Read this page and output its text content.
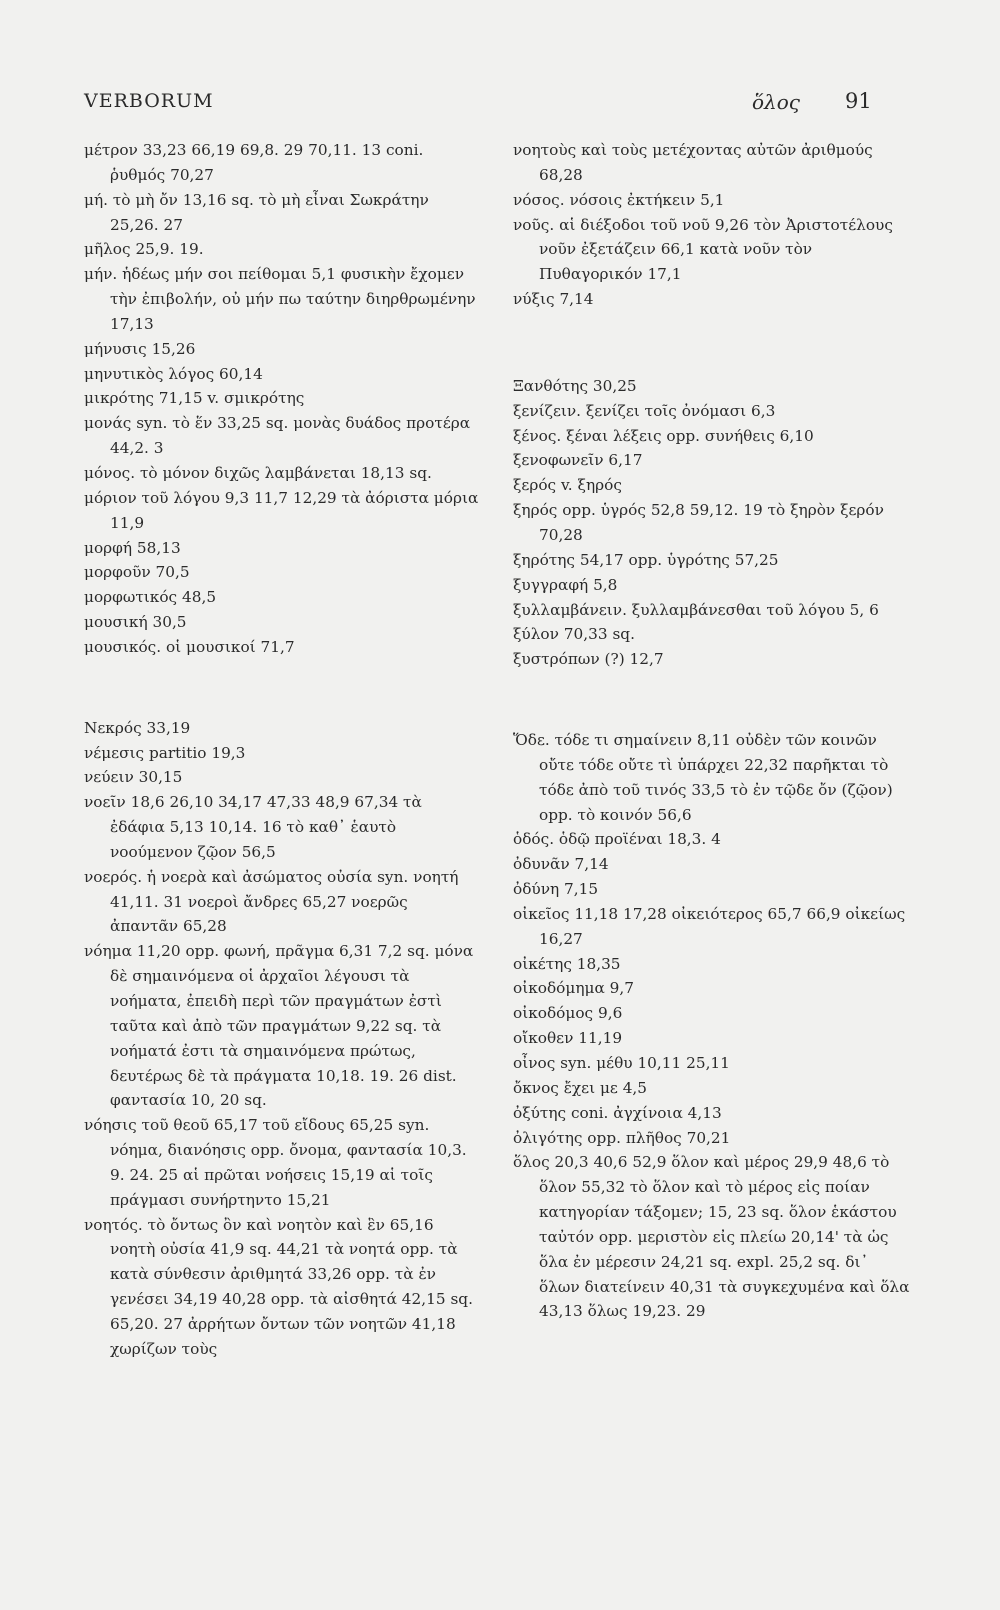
VERBORUM	ὅλος 91
μέτρον 33,23 66,19 69,8. 29 70,11. 13 coni. ῥυθμός 70,27
μή. τὸ μὴ ὄν 13,16 sq. τὸ μὴ εἶναι Σωκράτην 25,26. 27
μῆλος 25,9. 19.
μήν. ἡδέως μήν σοι πείθομαι 5,1 φυσικὴν ἔχομεν τὴν ἐπιβολήν, οὐ μήν πω ταύτην διηρθρωμένην 17,13
μήνυσις 15,26
μηνυτικὸς λόγος 60,14
μικρότης 71,15 v. σμικρότης
μονάς syn. τὸ ἕν 33,25 sq. μονὰς δυάδος προτέρα 44,2. 3
μόνος. τὸ μόνον διχῶς λαμβάνεται 18,13 sq.
μόριον τοῦ λόγου 9,3 11,7 12,29 τὰ ἀόριστα μόρια 11,9
μορφή 58,13
μορφοῦν 70,5
μορφωτικός 48,5
μουσική 30,5
μουσικός. οἱ μουσικοί 71,7
Νεκρός 33,19
νέμεσις partitio 19,3
νεύειν 30,15
νοεῖν 18,6 26,10 34,17 47,33 48,9 67,34 τὰ ἐδάφια 5,13 10,14. 16 τὸ καθ᾽ ἑαυτὸ νοούμενον ζῷον 56,5
νοερός. ἡ νοερὰ καὶ ἀσώματος οὐσία syn. νοητή 41,11. 31 νοεροὶ ἄνδρες 65,27 νοερῶς ἀπαντᾶν 65,28
νόημα 11,20 opp. φωνή, πρᾶγμα 6,31 7,2 sq. μόνα δὲ σημαινόμενα οἱ ἀρχαῖοι λέγουσι τὰ νοήματα, ἐπειδὴ περὶ τῶν πραγμάτων ἐστὶ ταῦτα καὶ ἀπὸ τῶν πραγμάτων 9,22 sq. τὰ νοήματά ἐστι τὰ σημαινόμενα πρώτως, δευτέρως δὲ τὰ πράγματα 10,18. 19. 26 dist. φαντασία 10, 20 sq.
νόησις τοῦ θεοῦ 65,17 τοῦ εἴδους 65,25 syn. νόημα, διανόησις opp. ὄνομα, φαντασία 10,3. 9. 24. 25 αἱ πρῶται νοήσεις 15,19 αἱ τοῖς πράγμασι συνήρτηντο 15,21
νοητός. τὸ ὄντως ὂν καὶ νοητὸν καὶ ἓν 65,16 νοητὴ οὐσία 41,9 sq. 44,21 τὰ νοητά opp. τὰ κατὰ σύνθεσιν ἀριθμητά 33,26 opp. τὰ ἐν γενέσει 34,19 40,28 opp. τὰ αἰσθητά 42,15 sq. 65,20. 27 ἀρρήτων ὄντων τῶν νοητῶν 41,18 χωρίζων τοὺς
νοητοὺς καὶ τοὺς μετέχοντας αὐτῶν ἀριθμούς 68,28
νόσος. νόσοις ἐκτήκειν 5,1
νοῦς. αἱ διέξοδοι τοῦ νοῦ 9,26 τὸν Ἀριστοτέλους νοῦν ἐξετάζειν 66,1 κατὰ νοῦν τὸν Πυθαγορικόν 17,1
νύξις 7,14
Ξανθότης 30,25
ξενίζειν. ξενίζει τοῖς ὀνόμασι 6,3
ξένος. ξέναι λέξεις opp. συνήθεις 6,10
ξενοφωνεῖν 6,17
ξερός v. ξηρός
ξηρός opp. ὑγρός 52,8 59,12. 19 τὸ ξηρὸν ξερόν 70,28
ξηρότης 54,17 opp. ὑγρότης 57,25
ξυγγραφή 5,8
ξυλλαμβάνειν. ξυλλαμβάνεσθαι τοῦ λόγου 5, 6
ξύλον 70,33 sq.
ξυστρόπων (?) 12,7
Ὅδε. τόδε τι σημαίνειν 8,11 οὐδὲν τῶν κοινῶν οὔτε τόδε οὔτε τὶ ὑπάρχει 22,32 παρῆκται τὸ τόδε ἀπὸ τοῦ τινός 33,5 τὸ ἐν τῷδε ὄν (ζῷον) opp. τὸ κοινόν 56,6
ὁδός. ὁδῷ προϊέναι 18,3. 4
ὀδυνᾶν 7,14
ὀδύνη 7,15
οἰκεῖος 11,18 17,28 οἰκειότερος 65,7 66,9 οἰκείως 16,27
οἰκέτης 18,35
οἰκοδόμημα 9,7
οἰκοδόμος 9,6
οἴκοθεν 11,19
οἶνος syn. μέθυ 10,11 25,11
ὄκνος ἔχει με 4,5
ὀξύτης coni. ἀγχίνοια 4,13
ὀλιγότης opp. πλῆθος 70,21
ὅλος 20,3 40,6 52,9 ὅλον καὶ μέρος 29,9 48,6 τὸ ὅλον 55,32 τὸ ὅλον καὶ τὸ μέρος εἰς ποίαν κατηγορίαν τάξομεν; 15, 23 sq. ὅλον ἑκάστου ταὐτόν opp. μεριστὸν εἰς πλείω 20,14' τὰ ὡς ὅλα ἐν μέρεσιν 24,21 sq. expl. 25,2 sq. δι᾽ ὅλων διατείνειν 40,31 τὰ συγκεχυμένα καὶ ὅλα 43,13 ὅλως 19,23. 29
